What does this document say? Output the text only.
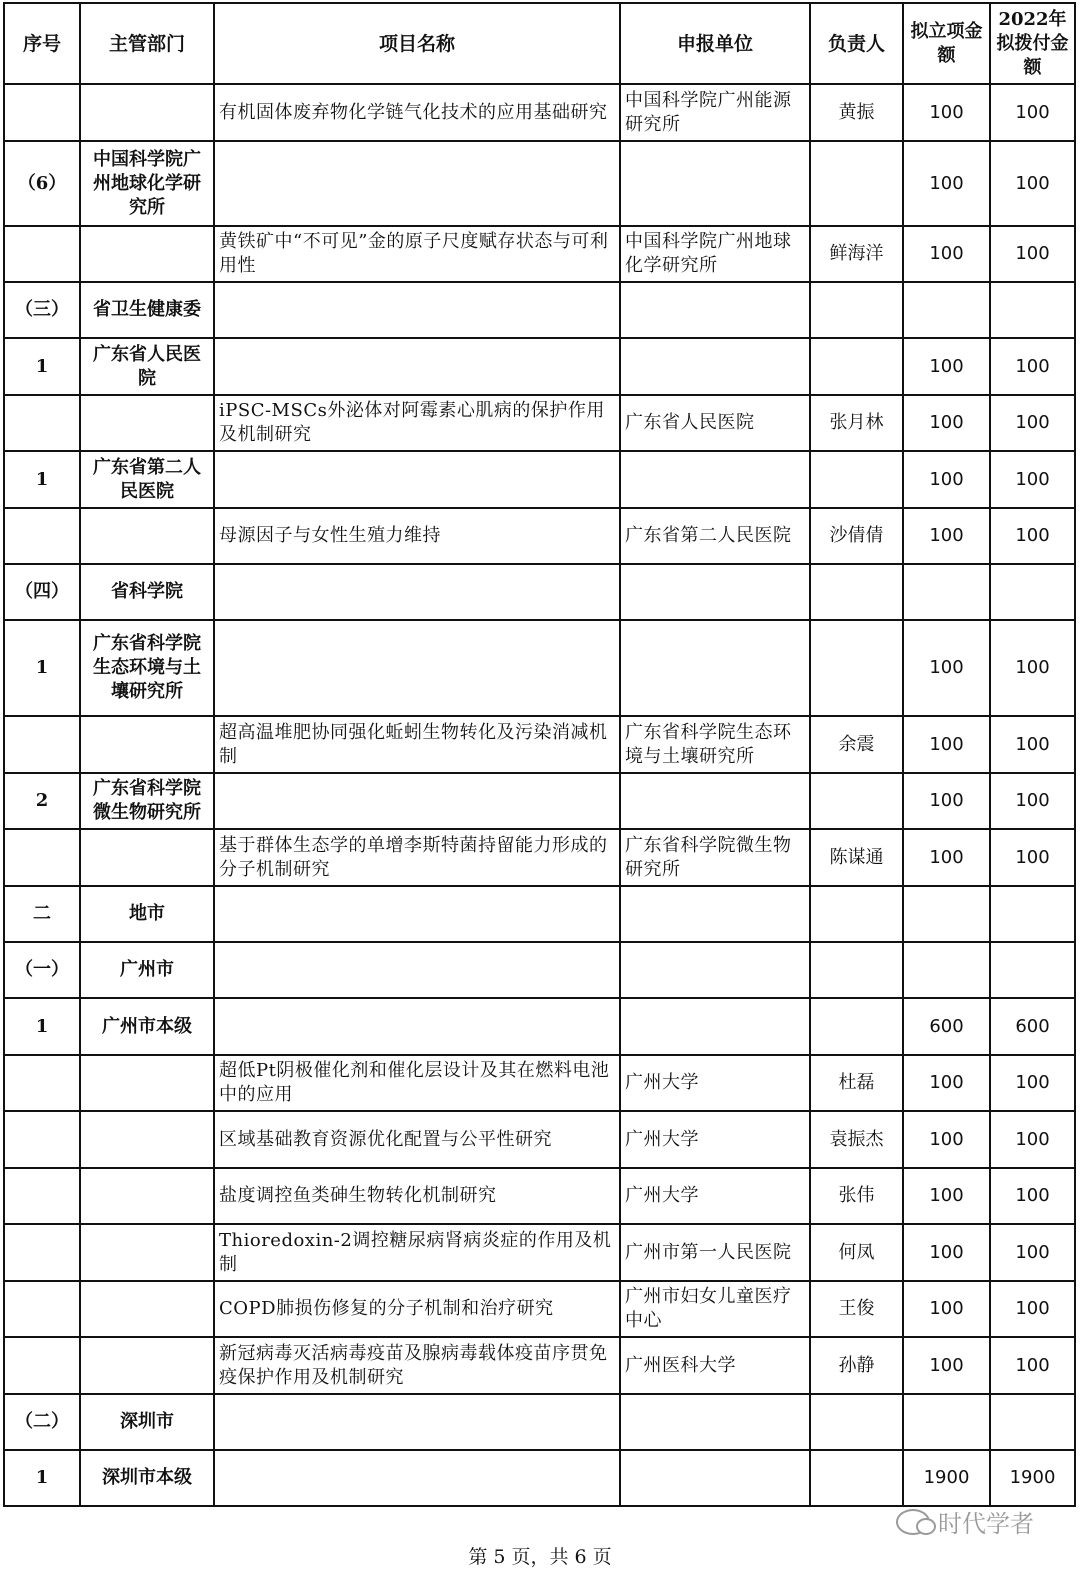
序号	主管部门	项目名称	申报单位	负责人	拟立项金额	2022年拟拨付金额
		有机固体废弃物化学链气化技术的应用基础研究	中国科学院广州能源研究所	黄振	100	100
（6）	中国科学院广州地球化学研究所				100	100
		黄铁矿中“不可见”金的原子尺度赋存状态与可利用性	中国科学院广州地球化学研究所	鲜海洋	100	100
（三）	省卫生健康委					
1	广东省人民医院				100	100
		iPSC-MSCs外泌体对阿霉素心肌病的保护作用及机制研究	广东省人民医院	张月林	100	100
1	广东省第二人民医院				100	100
		母源因子与女性生殖力维持	广东省第二人民医院	沙倩倩	100	100
（四）	省科学院					
1	广东省科学院生态环境与土壤研究所				100	100
		超高温堆肥协同强化蚯蚓生物转化及污染消减机制	广东省科学院生态环境与土壤研究所	余震	100	100
2	广东省科学院微生物研究所				100	100
		基于群体生态学的单增李斯特菌持留能力形成的分子机制研究	广东省科学院微生物研究所	陈谋通	100	100
二	地市					
（一）	广州市					
1	广州市本级				600	600
		超低Pt阴极催化剂和催化层设计及其在燃料电池中的应用	广州大学	杜磊	100	100
		区域基础教育资源优化配置与公平性研究	广州大学	袁振杰	100	100
		盐度调控鱼类砷生物转化机制研究	广州大学	张伟	100	100
		Thioredoxin-2调控糖尿病肾病炎症的作用及机制	广州市第一人民医院	何凤	100	100
		COPD肺损伤修复的分子机制和治疗研究	广州市妇女儿童医疗中心	王俊	100	100
		新冠病毒灭活病毒疫苗及腺病毒载体疫苗序贯免疫保护作用及机制研究	广州医科大学	孙静	100	100
（二）	深圳市					
1	深圳市本级				1900	1900
第 5 页，共 6 页
时代学者
